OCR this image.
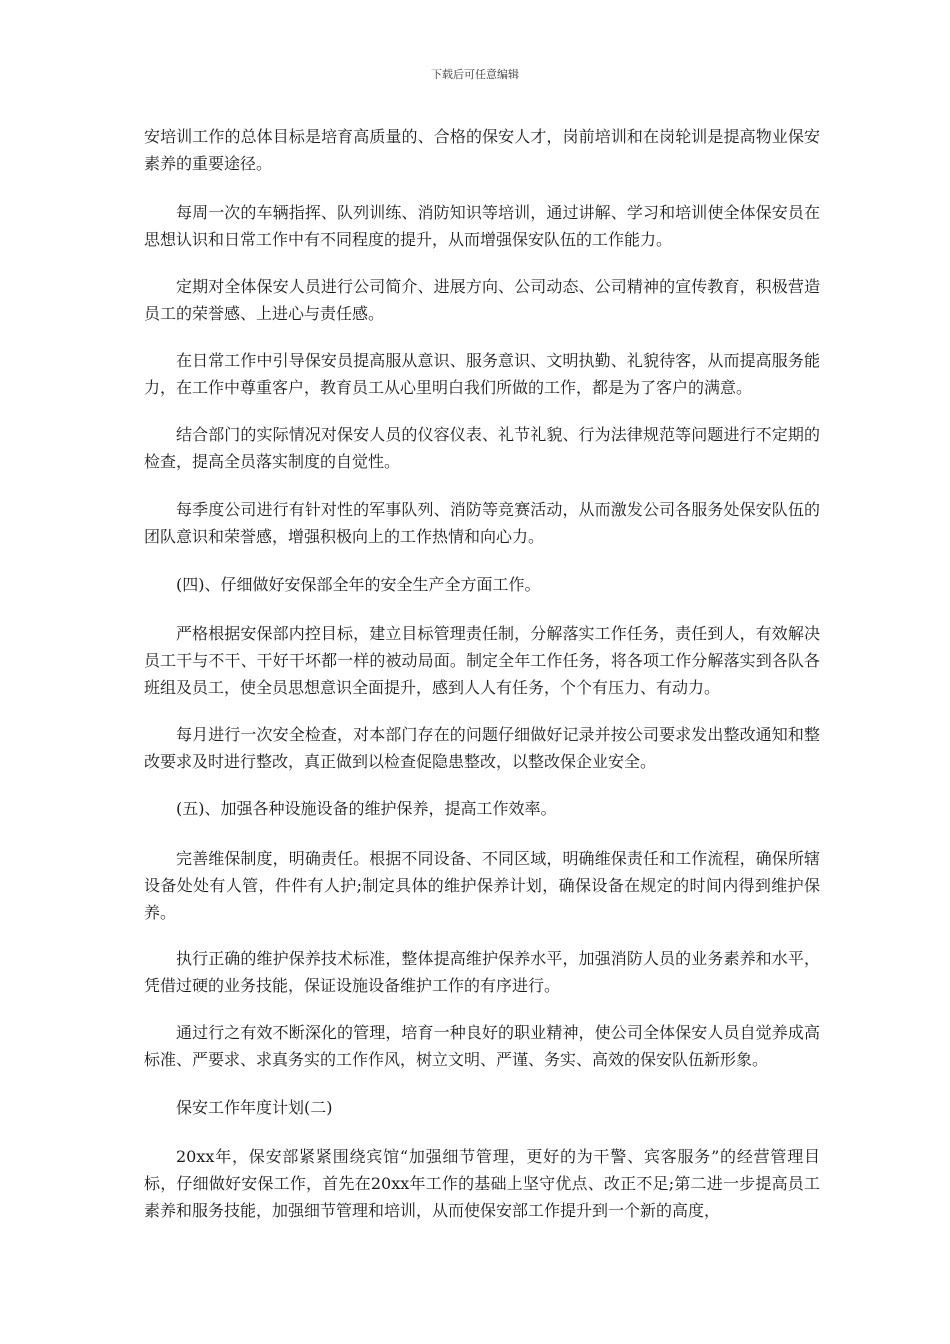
下载后可任意编辑

安培训工作的总体目标是培育高质量的、合格的保安人才，岗前培训和在岗轮训是提高物业保安素养的重要途径。

每周一次的车辆指挥、队列训练、消防知识等培训，通过讲解、学习和培训使全体保安员在思想认识和日常工作中有不同程度的提升，从而增强保安队伍的工作能力。

定期对全体保安人员进行公司简介、进展方向、公司动态、公司精神的宣传教育，积极营造员工的荣誉感、上进心与责任感。

在日常工作中引导保安员提高服从意识、服务意识、文明执勤、礼貌待客，从而提高服务能力，在工作中尊重客户，教育员工从心里明白我们所做的工作，都是为了客户的满意。

结合部门的实际情况对保安人员的仪容仪表、礼节礼貌、行为法律规范等问题进行不定期的检查，提高全员落实制度的自觉性。

每季度公司进行有针对性的军事队列、消防等竞赛活动，从而激发公司各服务处保安队伍的团队意识和荣誉感，增强积极向上的工作热情和向心力。

(四)、仔细做好安保部全年的安全生产全方面工作。

严格根据安保部内控目标，建立目标管理责任制，分解落实工作任务，责任到人，有效解决员工干与不干、干好干坏都一样的被动局面。制定全年工作任务，将各项工作分解落实到各队各班组及员工，使全员思想意识全面提升，感到人人有任务，个个有压力、有动力。

每月进行一次安全检查，对本部门存在的问题仔细做好记录并按公司要求发出整改通知和整改要求及时进行整改，真正做到以检查促隐患整改，以整改保企业安全。

(五)、加强各种设施设备的维护保养，提高工作效率。

完善维保制度，明确责任。根据不同设备、不同区域，明确维保责任和工作流程，确保所辖设备处处有人管，件件有人护;制定具体的维护保养计划，确保设备在规定的时间内得到维护保养。

执行正确的维护保养技术标准，整体提高维护保养水平，加强消防人员的业务素养和水平，凭借过硬的业务技能，保证设施设备维护工作的有序进行。

通过行之有效不断深化的管理，培育一种良好的职业精神，使公司全体保安人员自觉养成高标准、严要求、求真务实的工作作风，树立文明、严谨、务实、高效的保安队伍新形象。

保安工作年度计划(二)

20xx年，保安部紧紧围绕宾馆“加强细节管理，更好的为干警、宾客服务”的经营管理目标，仔细做好安保工作，首先在20xx年工作的基础上坚守优点、改正不足;第二进一步提高员工素养和服务技能，加强细节管理和培训，从而使保安部工作提升到一个新的高度，
